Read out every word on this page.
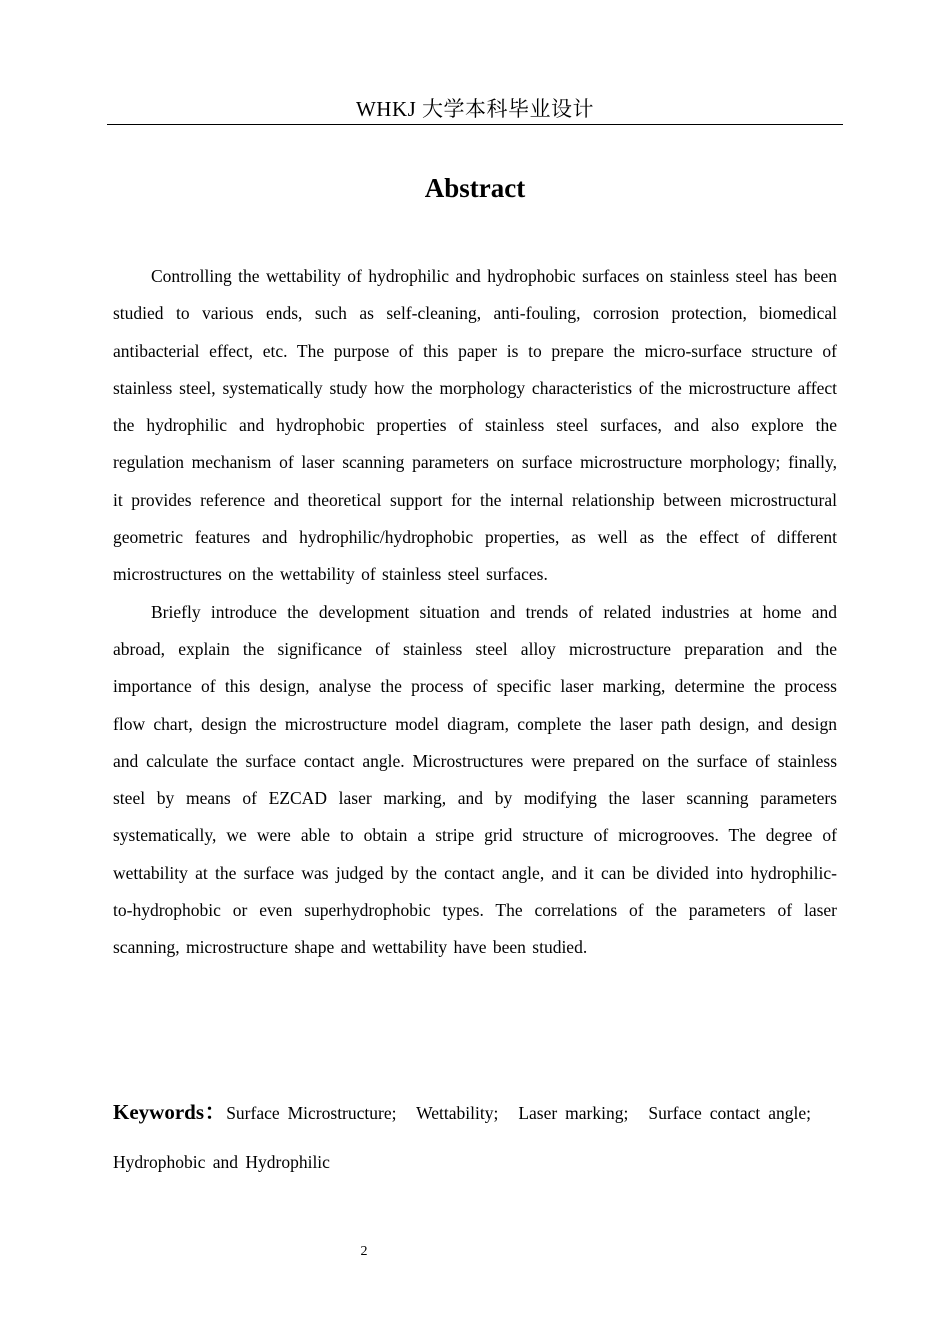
WHKJ 大学本科毕业设计
Abstract

Controlling the wettability of hydrophilic and hydrophobic surfaces on stainless steel has been studied to various ends, such as self-cleaning, anti-fouling, corrosion protection, biomedical antibacterial effect, etc. The purpose of this paper is to prepare the micro-surface structure of stainless steel, systematically study how the morphology characteristics of the microstructure affect the hydrophilic and hydrophobic properties of stainless steel surfaces, and also explore the regulation mechanism of laser scanning parameters on surface microstructure morphology; finally, it provides reference and theoretical support for the internal relationship between microstructural geometric features and hydrophilic/hydrophobic properties, as well as the effect of different microstructures on the wettability of stainless steel surfaces.

Briefly introduce the development situation and trends of related industries at home and abroad, explain the significance of stainless steel alloy microstructure preparation and the importance of this design, analyse the process of specific laser marking, determine the process flow chart, design the microstructure model diagram, complete the laser path design, and design and calculate the surface contact angle. Microstructures were prepared on the surface of stainless steel by means of EZCAD laser marking, and by modifying the laser scanning parameters systematically, we were able to obtain a stripe grid structure of microgrooves. The degree of wettability at the surface was judged by the contact angle, and it can be divided into hydrophilic-to-hydrophobic or even superhydrophobic types. The correlations of the parameters of laser scanning, microstructure shape and wettability have been studied.

Keywords：Surface Microstructure; Wettability; Laser marking; Surface contact angle; Hydrophobic and Hydrophilic
2
